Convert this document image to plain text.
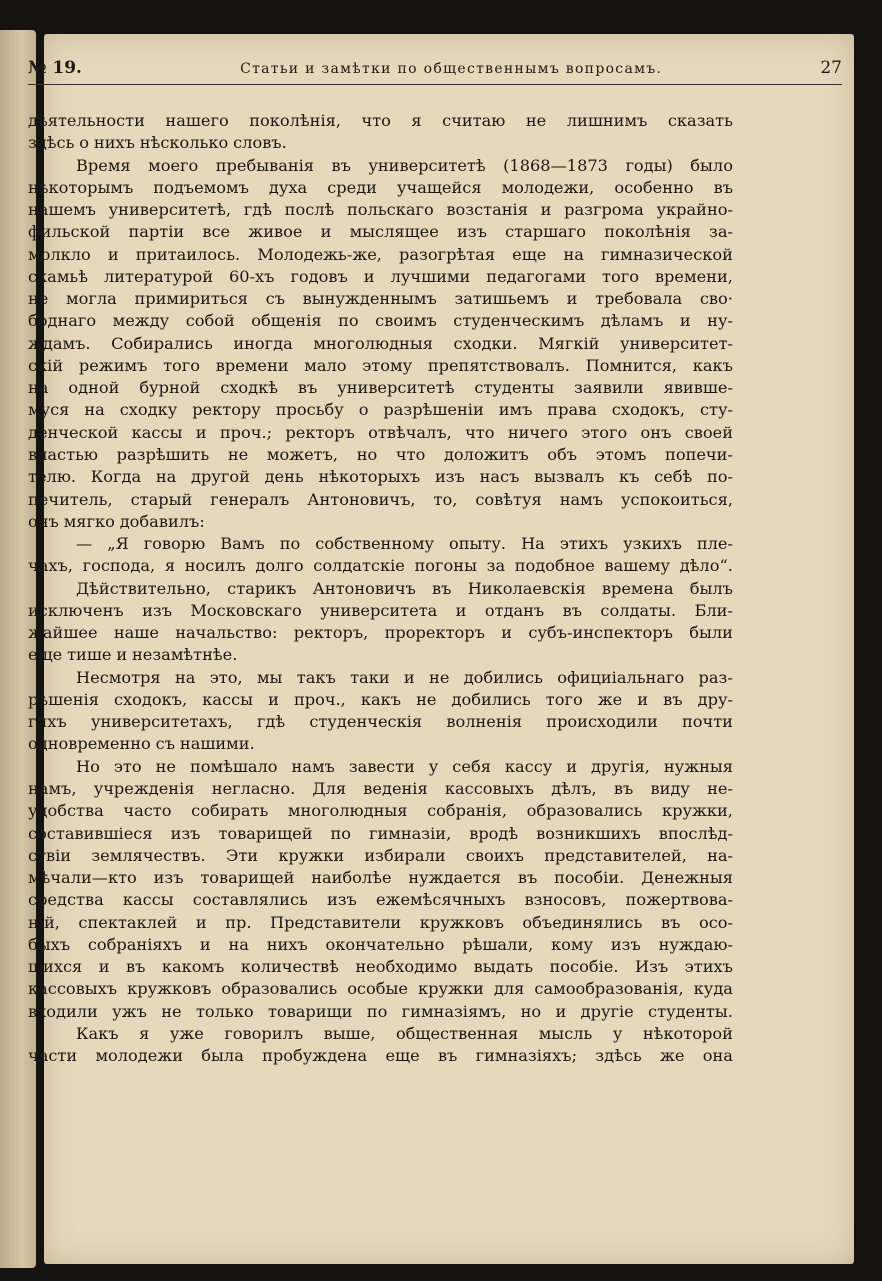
№ 19.	Статьи и замѣтки по общественнымъ вопросамъ.	27
дѣятельности нашего поколѣнія, что я считаю не лишнимъ сказать
здѣсь о нихъ нѣсколько словъ.
Время моего пребыванія въ университетѣ (1868—1873 годы) было
нѣкоторымъ подъемомъ духа среди учащейся молодежи, особенно въ
нашемъ университетѣ, гдѣ послѣ польскаго возстанія и разгрома украйно-
фильской партіи все живое и мыслящее изъ старшаго поколѣнія за-
молкло и притаилось. Молодежь-же, разогрѣтая еще на гимназической
скамьѣ литературой 60-хъ годовъ и лучшими педагогами того времени,
не могла примириться съ вынужденнымъ затишьемъ и требовала сво·
боднаго между собой общенія по своимъ студенческимъ дѣламъ и ну-
ждамъ. Собирались иногда многолюдныя сходки. Мягкій университет-
скій режимъ того времени мало этому препятствовалъ. Помнится, какъ
на одной бурной сходкѣ въ университетѣ студенты заявили явивше-
муся на сходку ректору просьбу о разрѣшеніи имъ права сходокъ, сту-
денческой кассы и проч.; ректоръ отвѣчалъ, что ничего этого онъ своей
властью разрѣшить не можетъ, но что доложитъ объ этомъ попечи-
телю. Когда на другой день нѣкоторыхъ изъ насъ вызвалъ къ себѣ по-
печитель, старый генералъ Антоновичъ, то, совѣтуя намъ успокоиться,
онъ мягко добавилъ:
— „Я говорю Вамъ по собственному опыту. На этихъ узкихъ пле-
чахъ, господа, я носилъ долго солдатскіе погоны за подобное вашему дѣло“.
Дѣйствительно, старикъ Антоновичъ въ Николаевскія времена былъ
исключенъ изъ Московскаго университета и отданъ въ солдаты. Бли-
жайшее наше начальство: ректоръ, проректоръ и субъ-инспекторъ были
еще тише и незамѣтнѣе.
Несмотря на это, мы такъ таки и не добились официіальнаго раз-
рѣшенія сходокъ, кассы и проч., какъ не добились того же и въ дру-
гихъ университетахъ, гдѣ студенческія волненія происходили почти
одновременно съ нашими.
Но это не помѣшало намъ завести у себя кассу и другія, нужныя
намъ, учрежденія негласно. Для веденія кассовыхъ дѣлъ, въ виду не-
удобства часто собирать многолюдныя собранія, образовались кружки,
составившіеся изъ товарищей по гимназіи, вродѣ возникшихъ впослѣд-
ствіи землячествъ. Эти кружки избирали своихъ представителей, на-
мѣчали—кто изъ товарищей наиболѣе нуждается въ пособіи. Денежныя
средства кассы составлялись изъ ежемѣсячныхъ взносовъ, пожертвова-
ній, спектаклей и пр. Представители кружковъ объединялись въ осо-
быхъ собраніяхъ и на нихъ окончательно рѣшали, кому изъ нуждаю-
щихся и въ какомъ количествѣ необходимо выдать пособіе. Изъ этихъ
кассовыхъ кружковъ образовались особые кружки для самообразованія, куда
входили ужъ не только товарищи по гимназіямъ, но и другіе студенты.
Какъ я уже говорилъ выше, общественная мысль у нѣкоторой
части молодежи была пробуждена еще въ гимназіяхъ; здѣсь же она
